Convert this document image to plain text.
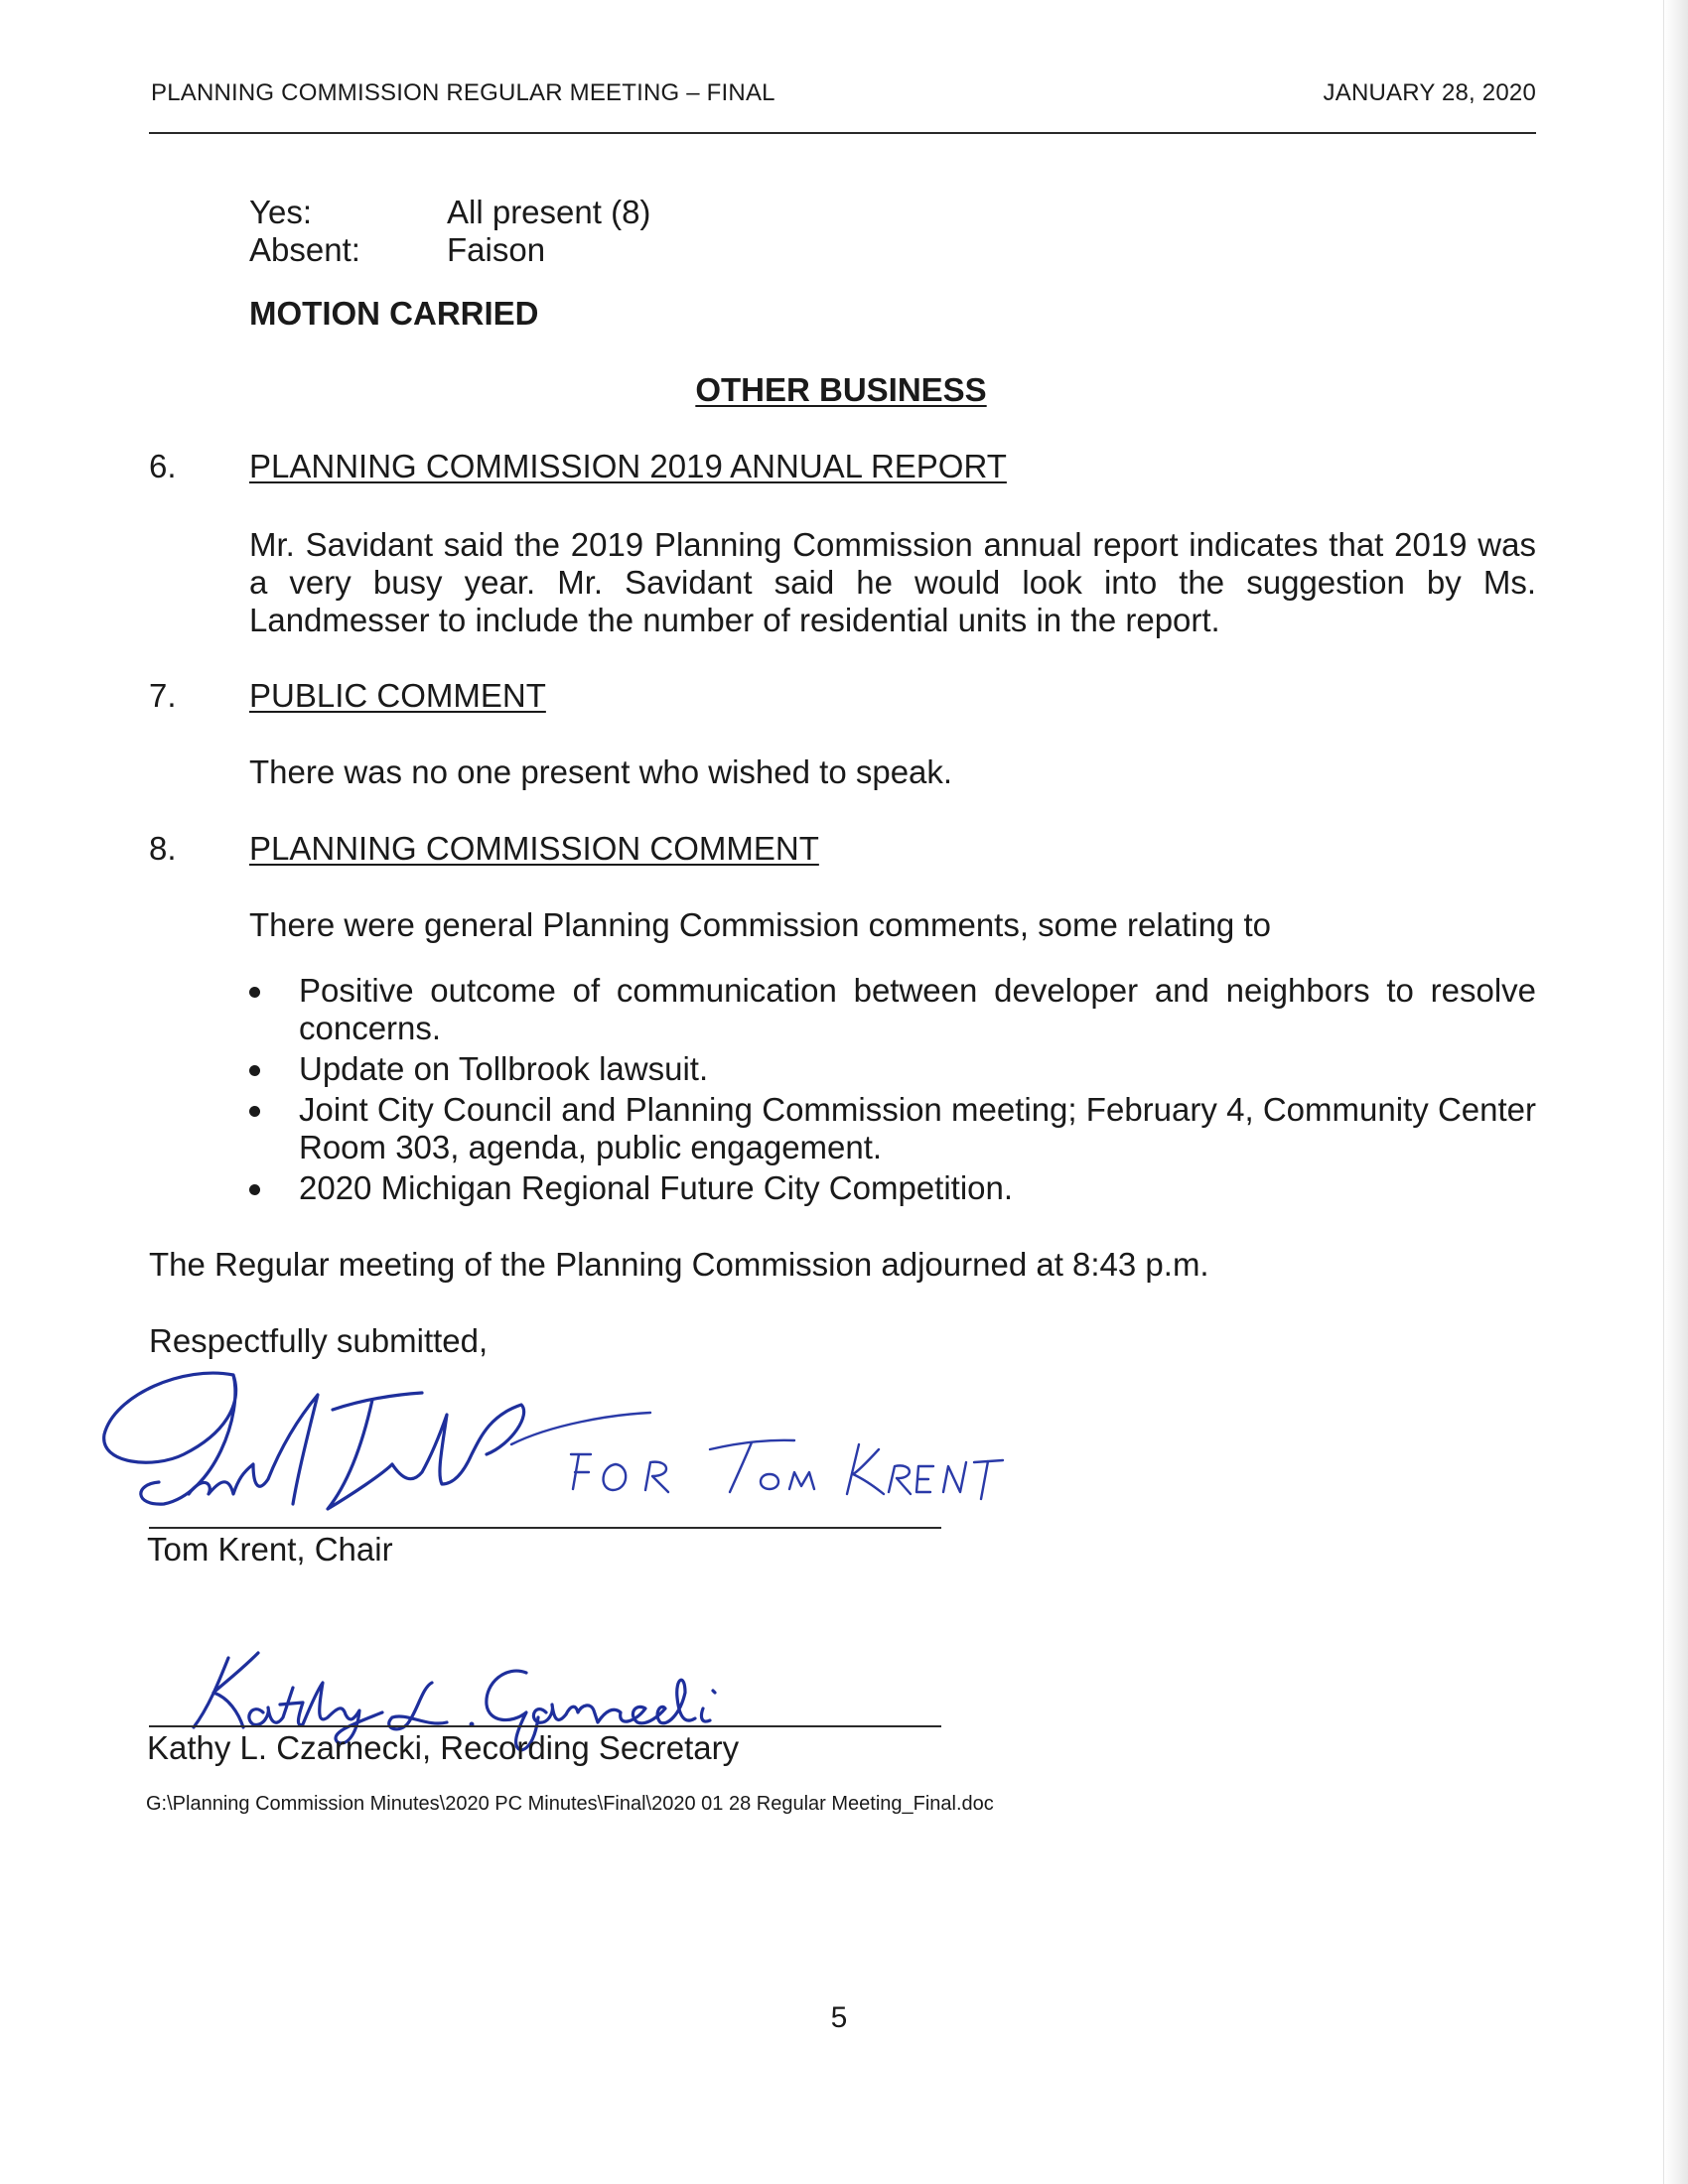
PLANNING COMMISSION REGULAR MEETING – FINAL	JANUARY 28, 2020
Yes:	All present (8)
Absent:	Faison
MOTION CARRIED
OTHER BUSINESS
6. PLANNING COMMISSION 2019 ANNUAL REPORT
Mr. Savidant said the 2019 Planning Commission annual report indicates that 2019 was a very busy year. Mr. Savidant said he would look into the suggestion by Ms. Landmesser to include the number of residential units in the report.
7. PUBLIC COMMENT
There was no one present who wished to speak.
8. PLANNING COMMISSION COMMENT
There were general Planning Commission comments, some relating to
Positive outcome of communication between developer and neighbors to resolve concerns.
Update on Tollbrook lawsuit.
Joint City Council and Planning Commission meeting; February 4, Community Center Room 303, agenda, public engagement.
2020 Michigan Regional Future City Competition.
The Regular meeting of the Planning Commission adjourned at 8:43 p.m.
Respectfully submitted,
Tom Krent, Chair
Kathy L. Czarnecki, Recording Secretary
G:\Planning Commission Minutes\2020 PC Minutes\Final\2020 01 28 Regular Meeting_Final.doc
5
